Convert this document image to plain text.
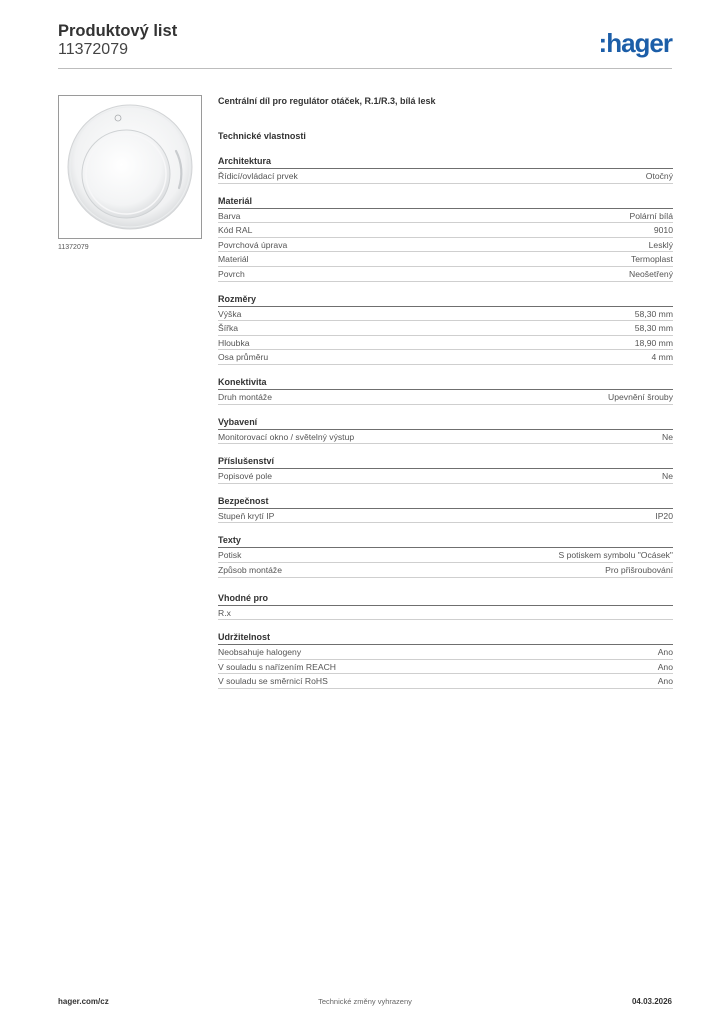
Produktový list
11372079	:hager
11372079
Centrální díl pro regulátor otáček, R.1/R.3, bílá lesk
Technické vlastnosti
Architektura
Řídicí/ovládací prvek	Otočný
Materiál
Barva	Polární bílá
Kód RAL	9010
Povrchová úprava	Lesklý
Materiál	Termoplast
Povrch	Neošetřený
Rozměry
Výška	58,30 mm
Šířka	58,30 mm
Hloubka	18,90 mm
Osa průměru	4 mm
Konektivita
Druh montáže	Upevnění šrouby
Vybavení
Monitorovací okno / světelný výstup	Ne
Příslušenství
Popisové pole	Ne
Bezpečnost
Stupeň krytí IP	IP20
Texty
Potisk	S potiskem symbolu "Ocásek"
Způsob montáže	Pro přišroubování
Vhodné pro
R.x
Udržitelnost
Neobsahuje halogeny	Ano
V souladu s nařízením REACH	Ano
V souladu se směrnicí RoHS	Ano
hager.com/cz	Technické změny vyhrazeny	04.03.2026
